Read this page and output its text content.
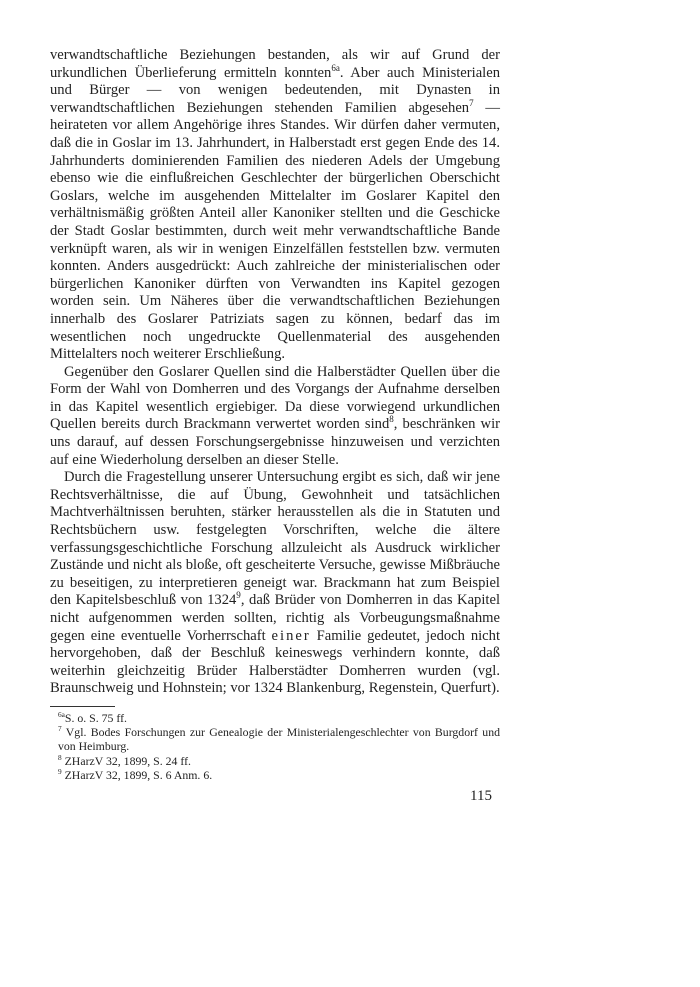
verwandtschaftliche Beziehungen bestanden, als wir auf Grund der urkundlichen Überlieferung ermitteln konnten$^{6a}$. Aber auch Ministerialen und Bürger — von wenigen bedeutenden, mit Dynasten in verwandtschaftlichen Beziehungen stehenden Familien abgesehen$^7$ — heirateten vor allem Angehörige ihres Standes. Wir dürfen daher vermuten, daß die in Goslar im 13. Jahrhundert, in Halberstadt erst gegen Ende des 14. Jahrhunderts dominierenden Familien des niederen Adels der Umgebung ebenso wie die einflußreichen Geschlechter der bürgerlichen Oberschicht Goslars, welche im ausgehenden Mittelalter im Goslarer Kapitel den verhältnismäßig größten Anteil aller Kanoniker stellten und die Geschicke der Stadt Goslar bestimmten, durch weit mehr verwandtschaftliche Bande verknüpft waren, als wir in wenigen Einzelfällen feststellen bzw. vermuten konnten. Anders ausgedrückt: Auch zahlreiche der ministerialischen oder bürgerlichen Kanoniker dürften von Verwandten ins Kapitel gezogen worden sein. Um Näheres über die verwandtschaftlichen Beziehungen innerhalb des Goslarer Patriziats sagen zu können, bedarf das im wesentlichen noch ungedruckte Quellenmaterial des ausgehenden Mittelalters noch weiterer Erschließung.

Gegenüber den Goslarer Quellen sind die Halberstädter Quellen über die Form der Wahl von Domherren und des Vorgangs der Aufnahme derselben in das Kapitel wesentlich ergiebiger. Da diese vorwiegend urkundlichen Quellen bereits durch Brackmann verwertet worden sind$^8$, beschränken wir uns darauf, auf dessen Forschungsergebnisse hinzuweisen und verzichten auf eine Wiederholung derselben an dieser Stelle.

Durch die Fragestellung unserer Untersuchung ergibt es sich, daß wir jene Rechtsverhältnisse, die auf Übung, Gewohnheit und tatsächlichen Machtverhältnissen beruhten, stärker herausstellen als die in Statuten und Rechtsbüchern usw. festgelegten Vorschriften, welche die ältere verfassungsgeschichtliche Forschung allzuleicht als Ausdruck wirklicher Zustände und nicht als bloße, oft gescheiterte Versuche, gewisse Mißbräuche zu beseitigen, zu interpretieren geneigt war. Brackmann hat zum Beispiel den Kapitelsbeschluß von 1324$^9$, daß Brüder von Domherren in das Kapitel nicht aufgenommen werden sollten, richtig als Vorbeugungsmaßnahme gegen eine eventuelle Vorherrschaft einer Familie gedeutet, jedoch nicht hervorgehoben, daß der Beschluß keineswegs verhindern konnte, daß weiterhin gleichzeitig Brüder Halberstädter Domherren wurden (vgl. Braunschweig und Hohnstein; vor 1324 Blankenburg, Regenstein, Querfurt).

$^{6a}$S. o. S. 75 ff.

$^7$ Vgl. Bodes Forschungen zur Genealogie der Ministerialengeschlechter von Burgdorf und von Heimburg.

$^8$ ZHarzV 32, 1899, S. 24 ff.

$^9$ ZHarzV 32, 1899, S. 6 Anm. 6.

115
